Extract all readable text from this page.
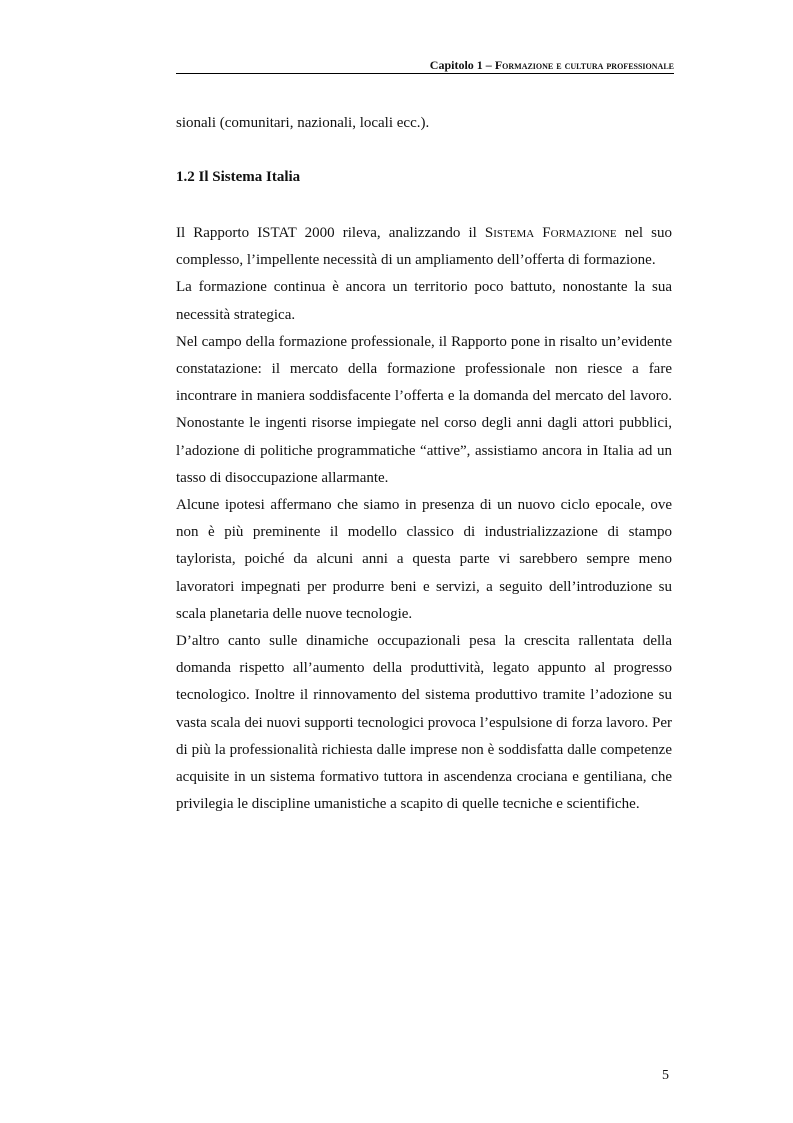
Capitolo 1 – Formazione e cultura professionale

sionali (comunitari, nazionali, locali ecc.).

1.2 Il Sistema Italia

Il Rapporto ISTAT 2000 rileva, analizzando il Sistema Formazione nel suo complesso, l’impellente necessità di un ampliamento dell’offerta di formazione.

La formazione continua è ancora un territorio poco battuto, nonostante la sua necessità strategica.

Nel campo della formazione professionale, il Rapporto pone in risalto un’evidente constatazione: il mercato della formazione professionale non riesce a fare incontrare in maniera soddisfacente l’offerta e la domanda del mercato del lavoro. Nonostante le ingenti risorse impiegate nel corso degli anni dagli attori pubblici, l’adozione di politiche programmatiche “attive”, assistiamo ancora in Italia ad un tasso di disoccupazione allarmante.

Alcune ipotesi affermano che siamo in presenza di un nuovo ciclo epocale, ove non è più preminente il modello classico di industrializzazione di stampo taylorista, poiché da alcuni anni a questa parte vi sarebbero sempre meno lavoratori impegnati per produrre beni e servizi, a seguito dell’introduzione su scala planetaria delle nuove tecnologie.

D’altro canto sulle dinamiche occupazionali pesa la crescita rallentata della domanda rispetto all’aumento della produttività, legato appunto al progresso tecnologico. Inoltre il rinnovamento del sistema produttivo tramite l’adozione su vasta scala dei nuovi supporti tecnologici provoca l’espulsione di forza lavoro. Per di più la professionalità richiesta dalle imprese non è soddisfatta dalle competenze acquisite in un sistema formativo tuttora in ascendenza crociana e gentiliana, che privilegia le discipline umanistiche a scapito di quelle tecniche e scientifiche.

5
